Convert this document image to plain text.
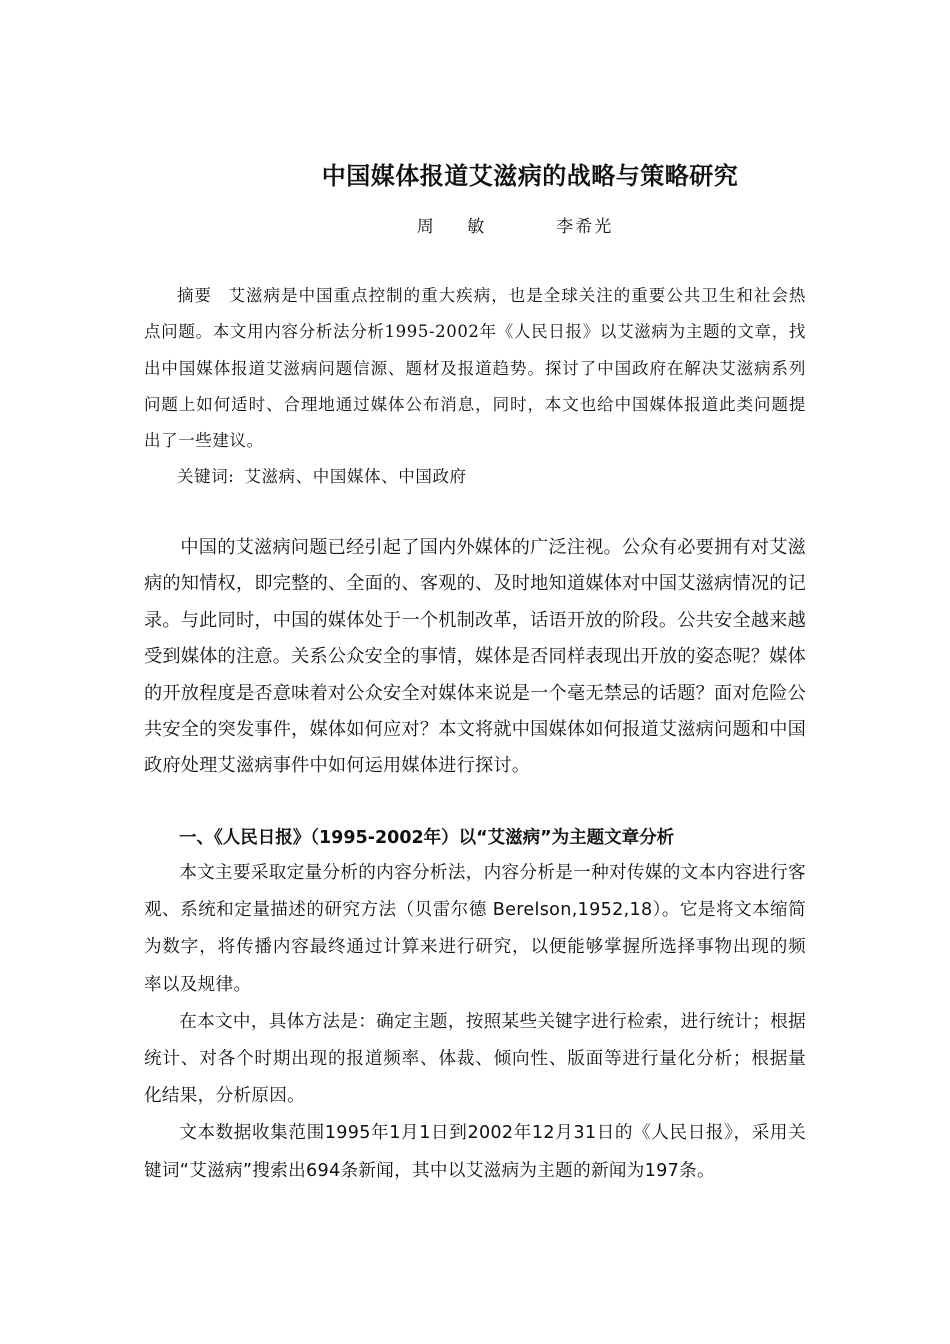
中国媒体报道艾滋病的战略与策略研究

周 敏	李希光

摘要 艾滋病是中国重点控制的重大疾病，也是全球关注的重要公共卫生和社会热点问题。本文用内容分析法分析1995-2002年《人民日报》以艾滋病为主题的文章，找出中国媒体报道艾滋病问题信源、题材及报道趋势。探讨了中国政府在解决艾滋病系列问题上如何适时、合理地通过媒体公布消息，同时，本文也给中国媒体报道此类问题提出了一些建议。

关键词: 艾滋病、中国媒体、中国政府

中国的艾滋病问题已经引起了国内外媒体的广泛注视。公众有必要拥有对艾滋病的知情权，即完整的、全面的、客观的、及时地知道媒体对中国艾滋病情况的记录。与此同时，中国的媒体处于一个机制改革，话语开放的阶段。公共安全越来越受到媒体的注意。关系公众安全的事情，媒体是否同样表现出开放的姿态呢？媒体的开放程度是否意味着对公众安全对媒体来说是一个毫无禁忌的话题？面对危险公共安全的突发事件，媒体如何应对？本文将就中国媒体如何报道艾滋病问题和中国政府处理艾滋病事件中如何运用媒体进行探讨。

一、《人民日报》（1995-2002年）以“艾滋病”为主题文章分析

本文主要采取定量分析的内容分析法，内容分析是一种对传媒的文本内容进行客观、系统和定量描述的研究方法（贝雷尔德 Berelson,1952,18）。它是将文本缩简为数字，将传播内容最终通过计算来进行研究，以便能够掌握所选择事物出现的频率以及规律。

在本文中，具体方法是：确定主题，按照某些关键字进行检索，进行统计；根据统计、对各个时期出现的报道频率、体裁、倾向性、版面等进行量化分析；根据量化结果，分析原因。

文本数据收集范围1995年1月1日到2002年12月31日的《人民日报》，采用关键词“艾滋病”搜索出694条新闻，其中以艾滋病为主题的新闻为197条。
